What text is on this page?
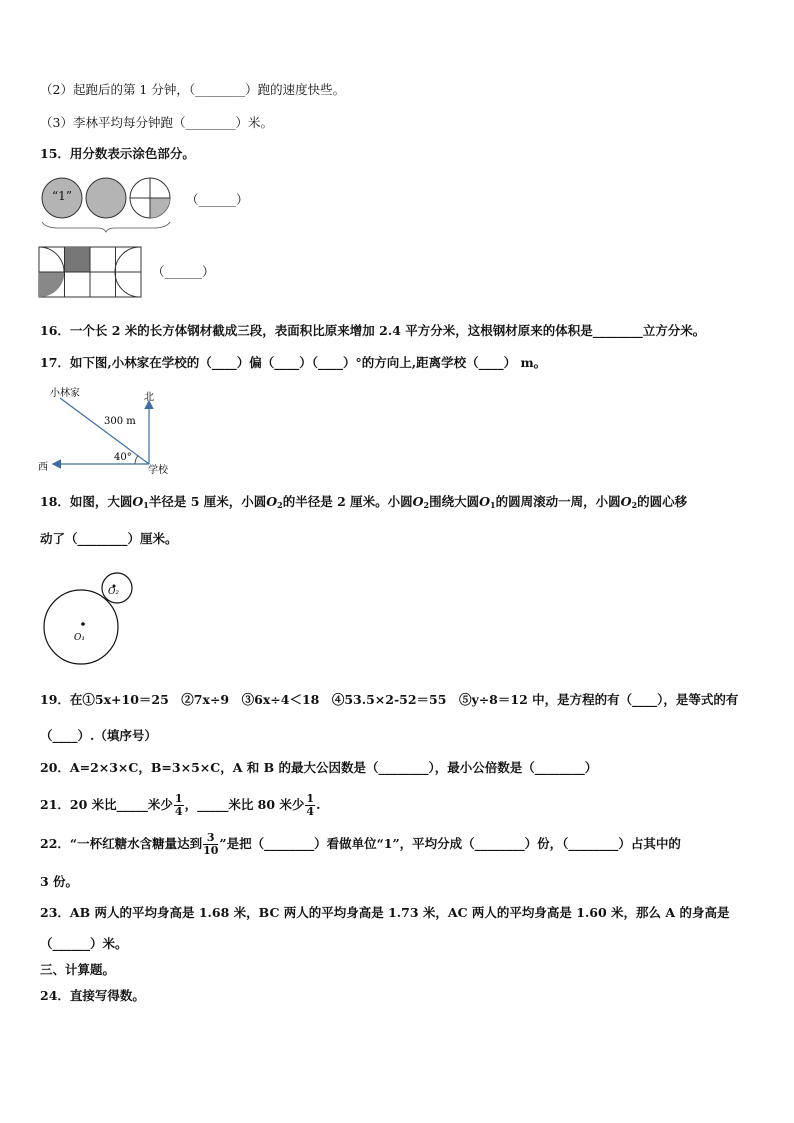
（2）起跑后的第 1 分钟，（________）跑的速度快些。
（3）李林平均每分钟跑（________）米。
15．用分数表示涂色部分。
“1”	（______）
（______）
16．一个长 2 米的长方体钢材截成三段，表面积比原来增加 2.4 平方分米，这根钢材原来的体积是________立方分米。
17．如下图,小林家在学校的（____）偏（____）（____）°的方向上,距离学校（____） m。
小林家	北
300 m
40°
西	学校
18．如图，大圆$O_1$半径是 5 厘米，小圆$O_2$的半径是 2 厘米。小圆$O_2$围绕大圆$O_1$的圆周滚动一周，小圆$O_2$的圆心移
动了（________）厘米。
O₁
O₂
19．在①5x+10＝25　②7x÷9　③6x÷4＜18　④53.5×2-52＝55　⑤y÷8＝12 中，是方程的有（____），是等式的有
（____）.（填序号）
20．A=2×3×C，B=3×5×C，A 和 B 的最大公因数是（________），最小公倍数是（________）
21．20 米比_____米少 $\frac{1}{4}$ ，_____米比 80 米少 $\frac{1}{4}$ .
22．“一杯红糖水含糖量达到 $\frac{3}{10}$ ”是把（________）看做单位“1”，平均分成（________）份，（________）占其中的
3 份。
23．AB 两人的平均身高是 1.68 米，BC 两人的平均身高是 1.73 米，AC 两人的平均身高是 1.60 米，那么 A 的身高是
（______）米。
三、计算题。
24．直接写得数。
